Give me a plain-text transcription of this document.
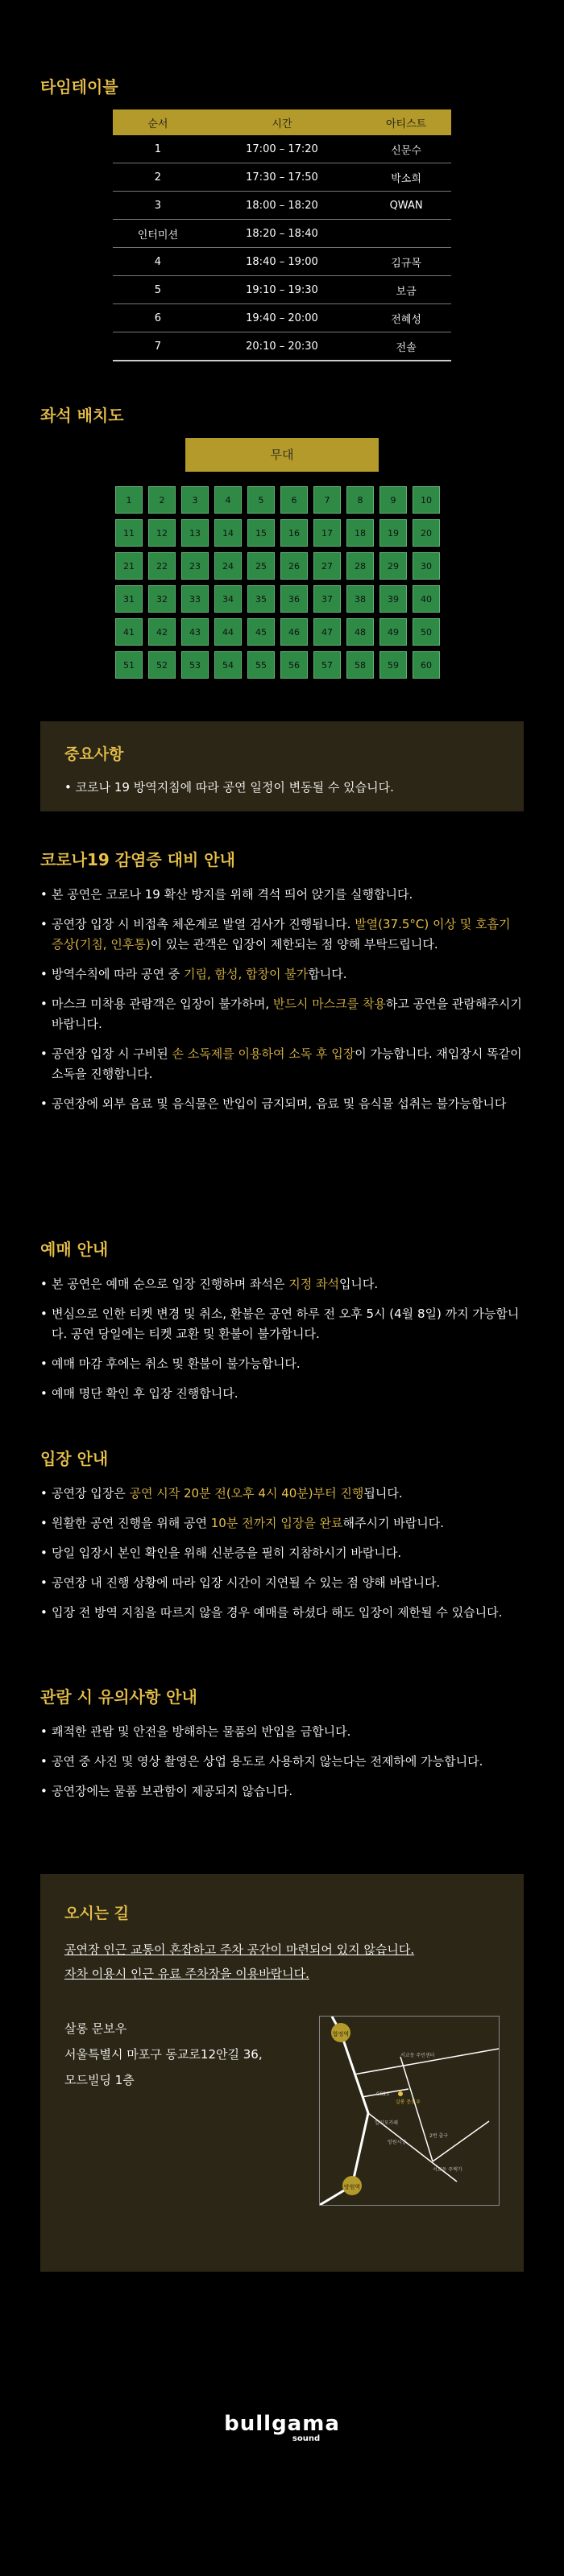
타임테이블
순서	시간	아티스트
1	17:00 – 17:20	신문수
2	17:30 – 17:50	박소희
3	18:00 – 18:20	QWAN
인터미션	18:20 – 18:40	
4	18:40 – 19:00	김규목
5	19:10 – 19:30	보금
6	19:40 – 20:00	전혜성
7	20:10 – 20:30	전솔
좌석 배치도
무대
1	2	3	4	5	6	7	8	9	10
11	12	13	14	15	16	17	18	19	20
21	22	23	24	25	26	27	28	29	30
31	32	33	34	35	36	37	38	39	40
41	42	43	44	45	46	47	48	49	50
51	52	53	54	55	56	57	58	59	60
중요사항

• 코로나 19 방역지침에 따라 공연 일정이 변동될 수 있습니다.

코로나19 감염증 대비 안내
• 본 공연은 코로나 19 확산 방지를 위해 격석 띄어 앉기를 실행합니다.
• 공연장 입장 시 비접촉 체온계로 발열 검사가 진행됩니다. 발열(37.5°C) 이상 및 호흡기 증상(기침, 인후통)이 있는 관객은 입장이 제한되는 점 양해 부탁드립니다.
• 방역수칙에 따라 공연 중 기립, 함성, 합창이 불가합니다.
• 마스크 미착용 관람객은 입장이 불가하며, 반드시 마스크를 착용하고 공연을 관람해주시기 바랍니다.
• 공연장 입장 시 구비된 손 소독제를 이용하여 소독 후 입장이 가능합니다. 재입장시 똑같이 소독을 진행합니다.
• 공연장에 외부 음료 및 음식물은 반입이 금지되며, 음료 및 음식물 섭취는 불가능합니다
예매 안내
• 본 공연은 예매 순으로 입장 진행하며 좌석은 지정 좌석입니다.
• 변심으로 인한 티켓 변경 및 취소, 환불은 공연 하루 전 오후 5시 (4월 8일) 까지 가능합니다. 공연 당일에는 티켓 교환 및 환불이 불가합니다.
• 예매 마감 후에는 취소 및 환불이 불가능합니다.
• 예매 명단 확인 후 입장 진행합니다.
입장 안내
• 공연장 입장은 공연 시작 20분 전(오후 4시 40분)부터 진행됩니다.
• 원활한 공연 진행을 위해 공연 10분 전까지 입장을 완료해주시기 바랍니다.
• 당일 입장시 본인 확인을 위해 신분증을 필히 지참하시기 바랍니다.
• 공연장 내 진행 상황에 따라 입장 시간이 지연될 수 있는 점 양해 바랍니다.
• 입장 전 방역 지침을 따르지 않을 경우 예매를 하셨다 해도 입장이 제한될 수 있습니다.
관람 시 유의사항 안내
• 쾌적한 관람 및 안전을 방해하는 물품의 반입을 금합니다.
• 공연 중 사진 및 영상 촬영은 상업 용도로 사용하지 않는다는 전제하에 가능합니다.
• 공연장에는 물품 보관함이 제공되지 않습니다.
오시는 길
공연장 인근 교통이 혼잡하고 주차 공간이 마련되어 있지 않습니다.
자차 이용시 인근 유료 주차장을 이용바랍니다.
살롱 문보우
서울특별시 마포구 동교로12안길 36,
모드빌딩 1층
합정역
망원역
서교동 주민센터
GS25
살롱 문보우
일리모카페
망원시장
2번 출구
서교동 주택가
bullgama
sound
